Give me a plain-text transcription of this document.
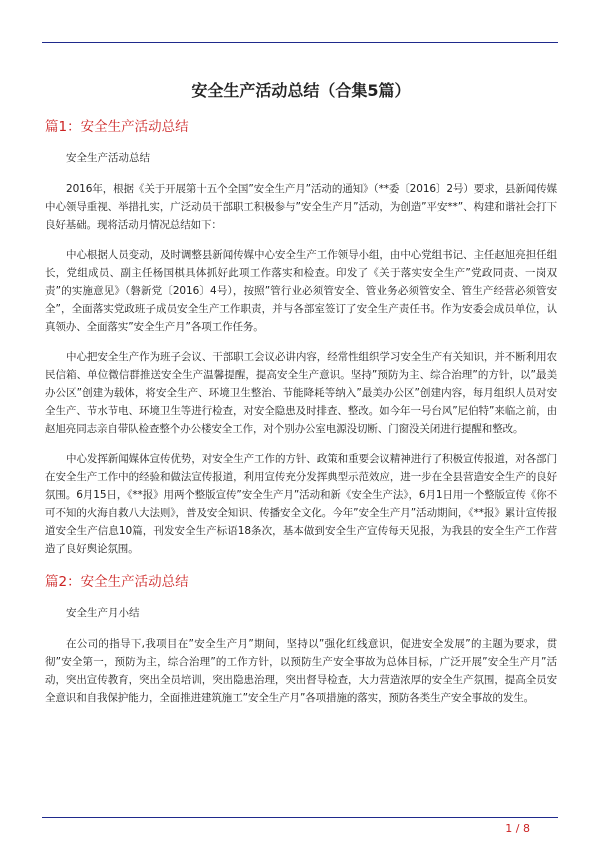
安全生产活动总结（合集5篇）
篇1：安全生产活动总结
安全生产活动总结
2016年，根据《关于开展第十五个全国”安全生产月”活动的通知》（**委〔2016〕2号）要求，县新闻传媒中心领导重视、举措扎实，广泛动员干部职工积极参与”安全生产月”活动，为创造”平安**”、构建和谐社会打下良好基础。现将活动月情况总结如下：
中心根据人员变动，及时调整县新闻传媒中心安全生产工作领导小组，由中心党组书记、主任赵旭亮担任组长，党组成员、副主任杨国棋具体抓好此项工作落实和检查。印发了《关于落实安全生产”党政同责、一岗双责”的实施意见》（磐新党〔2016〕4号），按照”管行业必须管安全、管业务必须管安全、管生产经营必须管安全”，全面落实党政班子成员安全生产工作职责，并与各部室签订了安全生产责任书。作为安委会成员单位，认真领办、全面落实”安全生产月”各项工作任务。
中心把安全生产作为班子会议、干部职工会议必讲内容，经常性组织学习安全生产有关知识，并不断利用农民信箱、单位微信群推送安全生产温馨提醒，提高安全生产意识。坚持”预防为主、综合治理”的方针，以”最美办公区”创建为载体，将安全生产、环境卫生整治、节能降耗等纳入”最美办公区”创建内容，每月组织人员对安全生产、节水节电、环境卫生等进行检查，对安全隐患及时排查、整改。如今年一号台风”尼伯特”来临之前，由赵旭亮同志亲自带队检查整个办公楼安全工作，对个别办公室电源没切断、门窗没关闭进行提醒和整改。
中心发挥新闻媒体宣传优势，对安全生产工作的方针、政策和重要会议精神进行了积极宣传报道，对各部门在安全生产工作中的经验和做法宣传报道，利用宣传充分发挥典型示范效应，进一步在全县营造安全生产的良好氛围。6月15日，《**报》用两个整版宣传”安全生产月”活动和新《安全生产法》，6月1日用一个整版宣传《你不可不知的火海自救八大法则》，普及安全知识、传播安全文化。今年”安全生产月”活动期间，《**报》累计宣传报道安全生产信息10篇，刊发安全生产标语18条次，基本做到安全生产宣传每天见报，为我县的安全生产工作营造了良好舆论氛围。
篇2：安全生产活动总结
安全生产月小结
在公司的指导下,我项目在”安全生产月”期间，坚持以”强化红线意识，促进安全发展”的主题为要求，贯彻”安全第一，预防为主，综合治理”的工作方针，以预防生产安全事故为总体目标，广泛开展”安全生产月”活动，突出宣传教育，突出全员培训，突出隐患治理，突出督导检查，大力营造浓厚的安全生产氛围，提高全员安全意识和自我保护能力，全面推进建筑施工”安全生产月”各项措施的落实，预防各类生产安全事故的发生。
1 / 8
